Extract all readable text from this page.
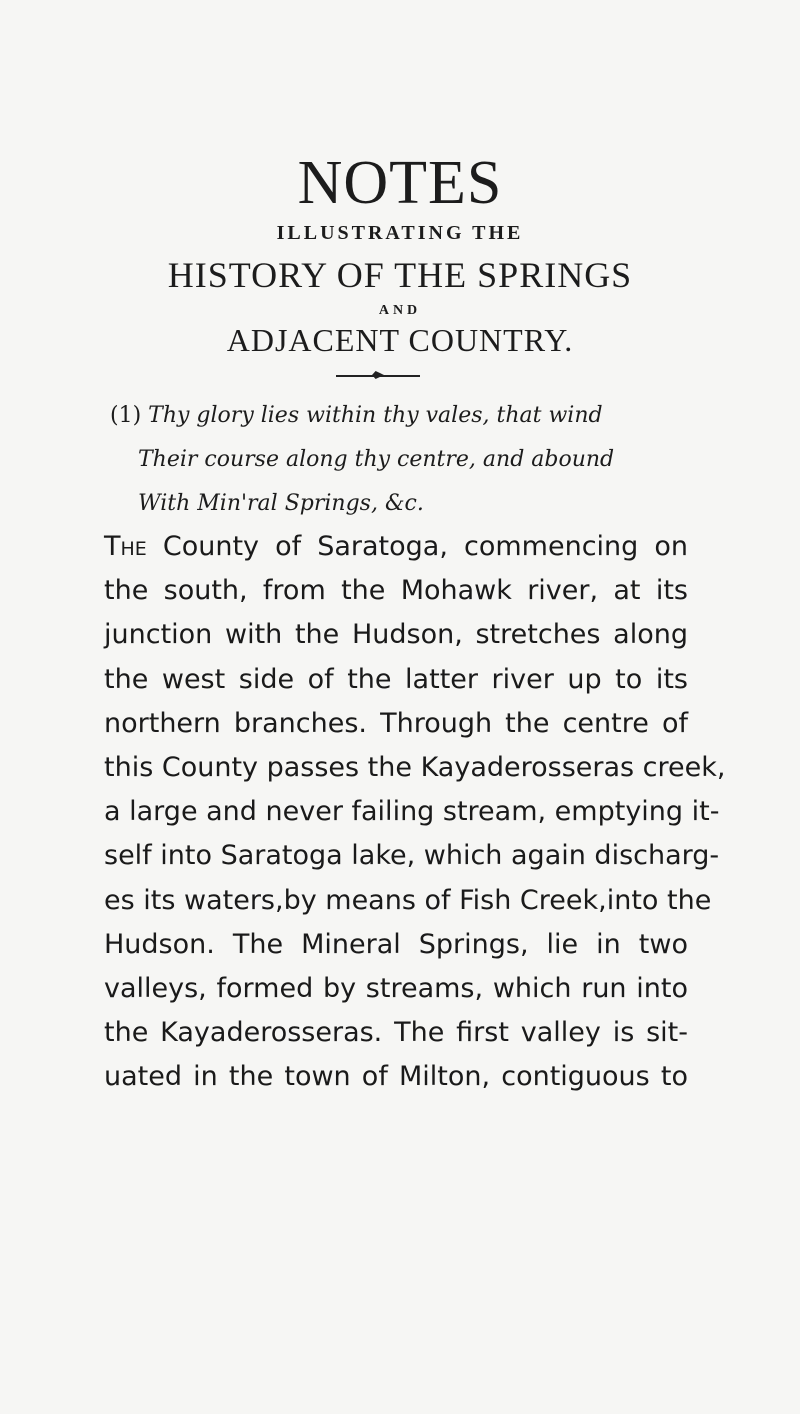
NOTES
ILLUSTRATING THE
HISTORY OF THE SPRINGS
AND
ADJACENT COUNTRY.
(1) Thy glory lies within thy vales, that wind
Their course along thy centre, and abound
With Min'ral Springs, &c.
The County of Saratoga, commencing on
the south, from the Mohawk river, at its
junction with the Hudson, stretches along
the west side of the latter river up to its
northern branches. Through the centre of
this County passes the Kayaderosseras creek,
a large and never failing stream, emptying it-
self into Saratoga lake, which again discharg-
es its waters,by means of Fish Creek,into the
Hudson. The Mineral Springs, lie in two
valleys, formed by streams, which run into
the Kayaderosseras. The first valley is sit-
uated in the town of Milton, contiguous to
